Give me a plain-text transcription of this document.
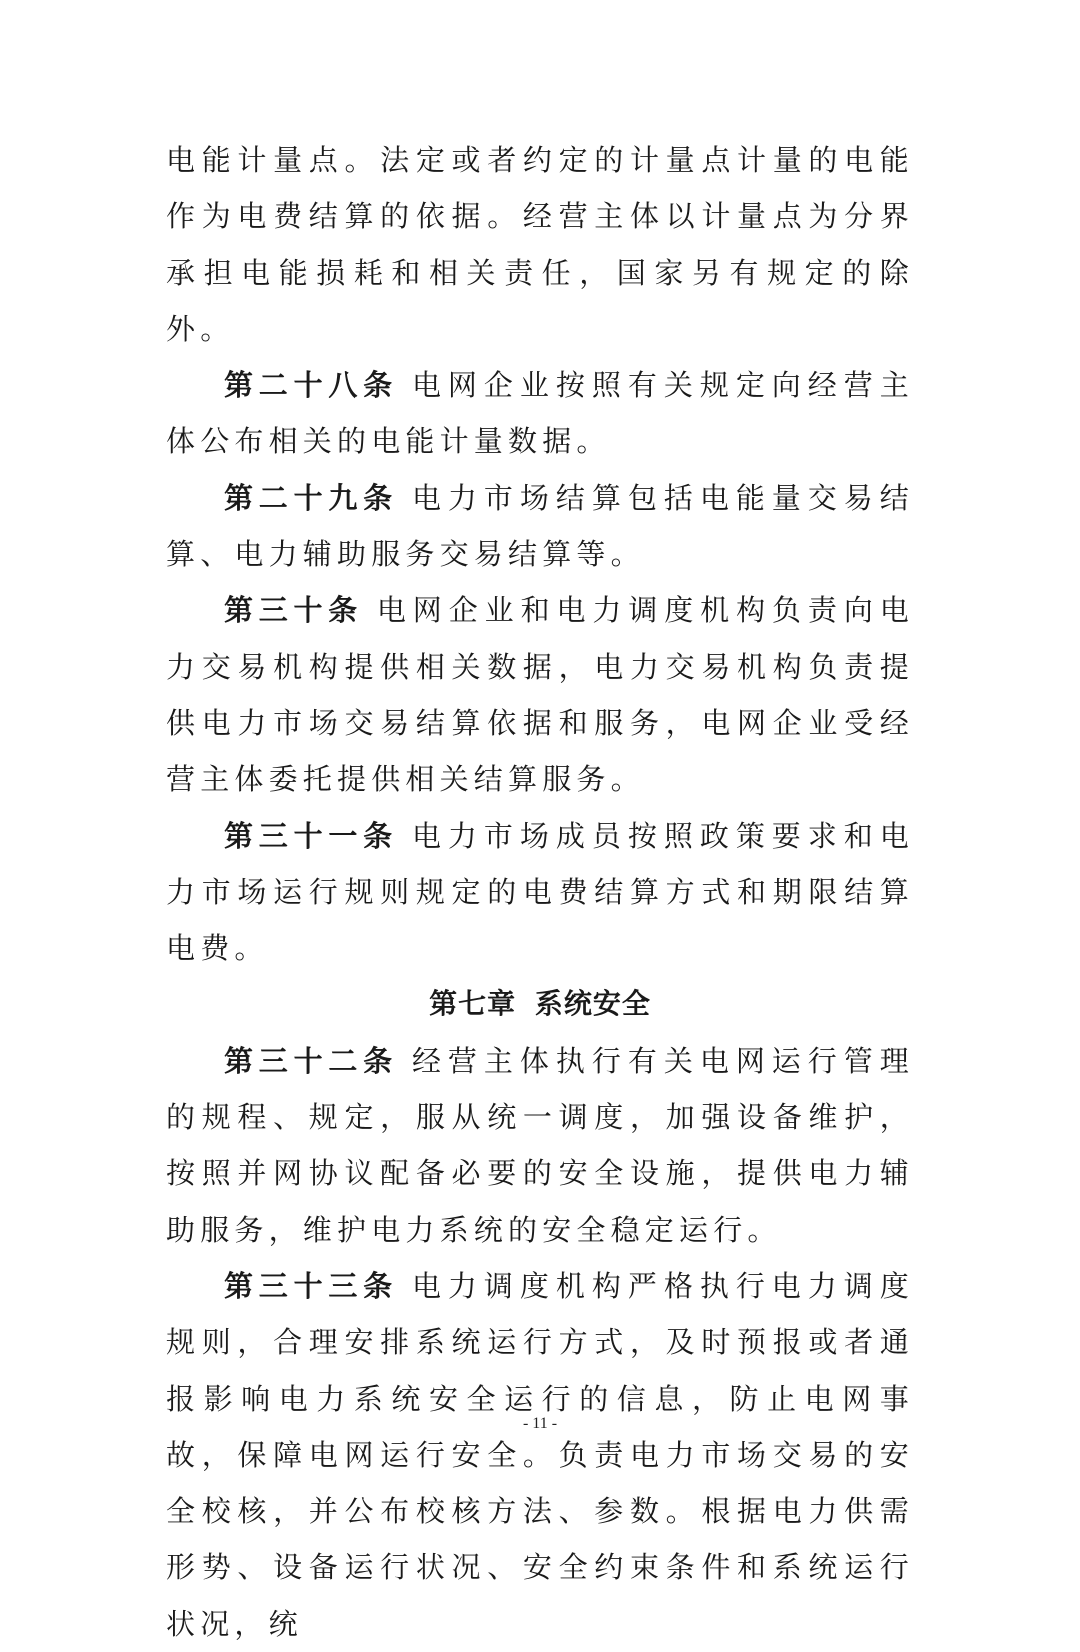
电能计量点。法定或者约定的计量点计量的电能作为电费结算的依据。经营主体以计量点为分界承担电能损耗和相关责任，国家另有规定的除外。

第二十八条 电网企业按照有关规定向经营主体公布相关的电能计量数据。

第二十九条 电力市场结算包括电能量交易结算、电力辅助服务交易结算等。

第三十条 电网企业和电力调度机构负责向电力交易机构提供相关数据，电力交易机构负责提供电力市场交易结算依据和服务，电网企业受经营主体委托提供相关结算服务。

第三十一条 电力市场成员按照政策要求和电力市场运行规则规定的电费结算方式和期限结算电费。

第七章 系统安全

第三十二条 经营主体执行有关电网运行管理的规程、规定，服从统一调度，加强设备维护，按照并网协议配备必要的安全设施，提供电力辅助服务，维护电力系统的安全稳定运行。

第三十三条 电力调度机构严格执行电力调度规则，合理安排系统运行方式，及时预报或者通报影响电力系统安全运行的信息，防止电网事故，保障电网运行安全。负责电力市场交易的安全校核，并公布校核方法、参数。根据电力供需形势、设备运行状况、安全约束条件和系统运行状况，统

- 11 -
